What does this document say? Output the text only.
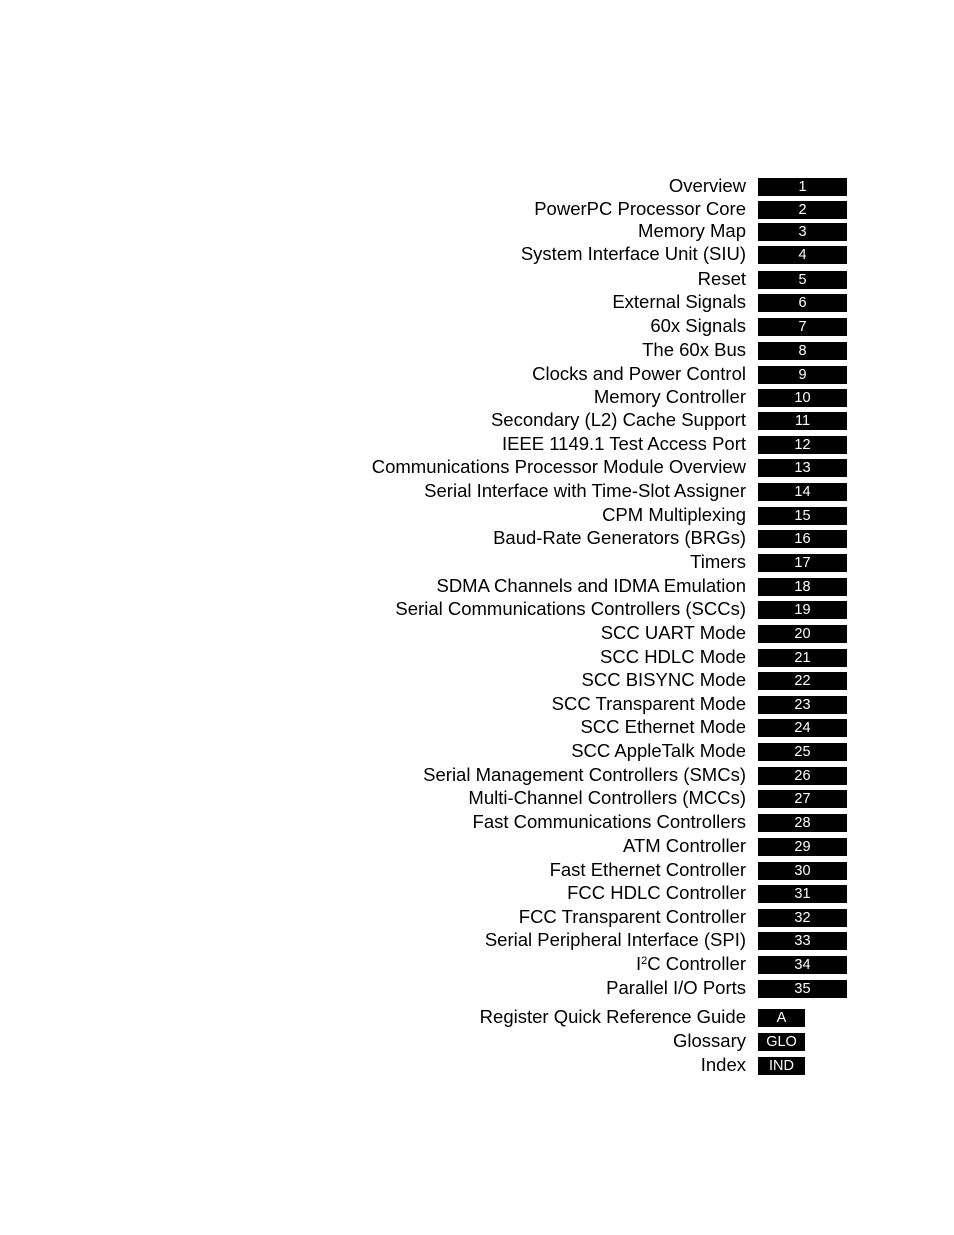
Overview	1
PowerPC Processor Core	2
Memory Map	3
System Interface Unit (SIU)	4
Reset	5
External Signals	6
60x Signals	7
The 60x Bus	8
Clocks and Power Control	9
Memory Controller	10
Secondary (L2) Cache Support	11
IEEE 1149.1 Test Access Port	12
Communications Processor Module Overview	13
Serial Interface with Time-Slot Assigner	14
CPM Multiplexing	15
Baud-Rate Generators (BRGs)	16
Timers	17
SDMA Channels and IDMA Emulation	18
Serial Communications Controllers (SCCs)	19
SCC UART Mode	20
SCC HDLC Mode	21
SCC BISYNC Mode	22
SCC Transparent Mode	23
SCC Ethernet Mode	24
SCC AppleTalk Mode	25
Serial Management Controllers (SMCs)	26
Multi-Channel Controllers (MCCs)	27
Fast Communications Controllers	28
ATM Controller	29
Fast Ethernet Controller	30
FCC HDLC Controller	31
FCC Transparent Controller	32
Serial Peripheral Interface (SPI)	33
$I^2C$ Controller	34
Parallel I/O Ports	35
Register Quick Reference Guide	A
Glossary	GLO
Index	IND
